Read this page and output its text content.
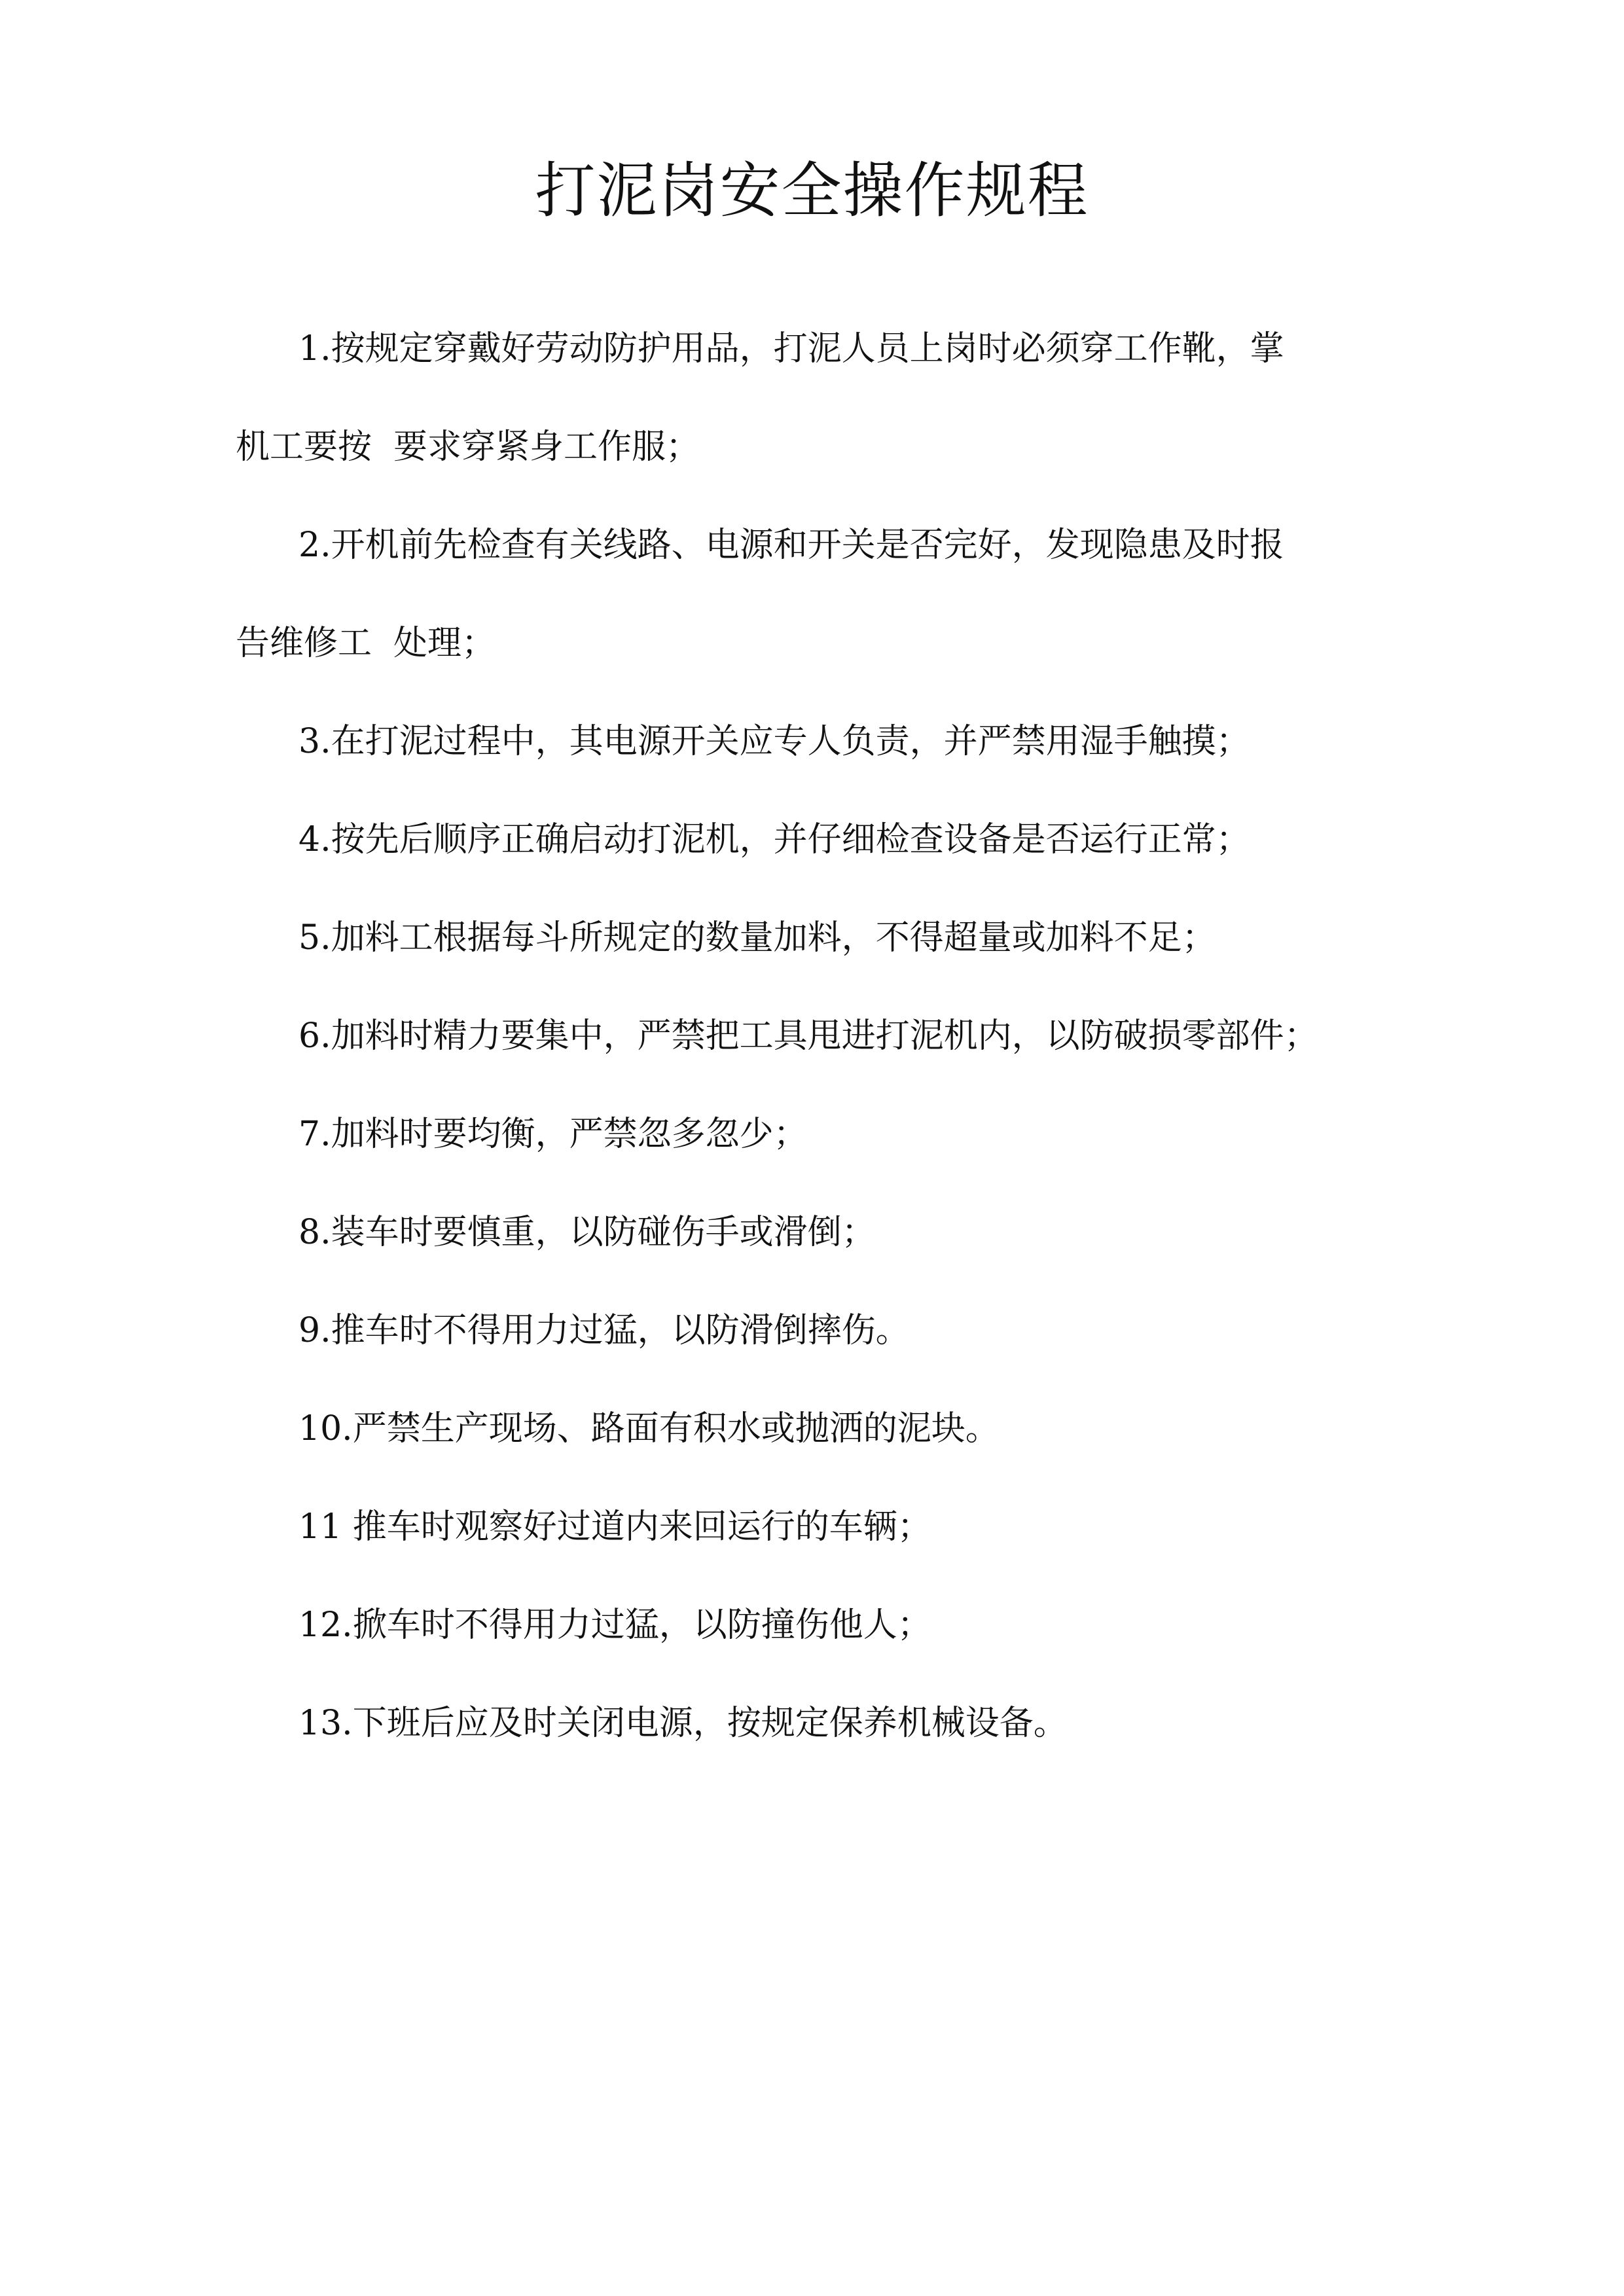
打泥岗安全操作规程

1.按规定穿戴好劳动防护用品，打泥人员上岗时必须穿工作靴，掌
机工要按  要求穿紧身工作服；

2.开机前先检查有关线路、电源和开关是否完好，发现隐患及时报
告维修工  处理；

3.在打泥过程中，其电源开关应专人负责，并严禁用湿手触摸；

4.按先后顺序正确启动打泥机，并仔细检查设备是否运行正常；

5.加料工根据每斗所规定的数量加料，不得超量或加料不足；

6.加料时精力要集中，严禁把工具甩进打泥机内，以防破损零部件；

7.加料时要均衡，严禁忽多忽少；

8.装车时要慎重，以防碰伤手或滑倒；

9.推车时不得用力过猛，以防滑倒摔伤。

10.严禁生产现场、路面有积水或抛洒的泥块。

11 推车时观察好过道内来回运行的车辆；

12.掀车时不得用力过猛，以防撞伤他人；

13.下班后应及时关闭电源，按规定保养机械设备。
